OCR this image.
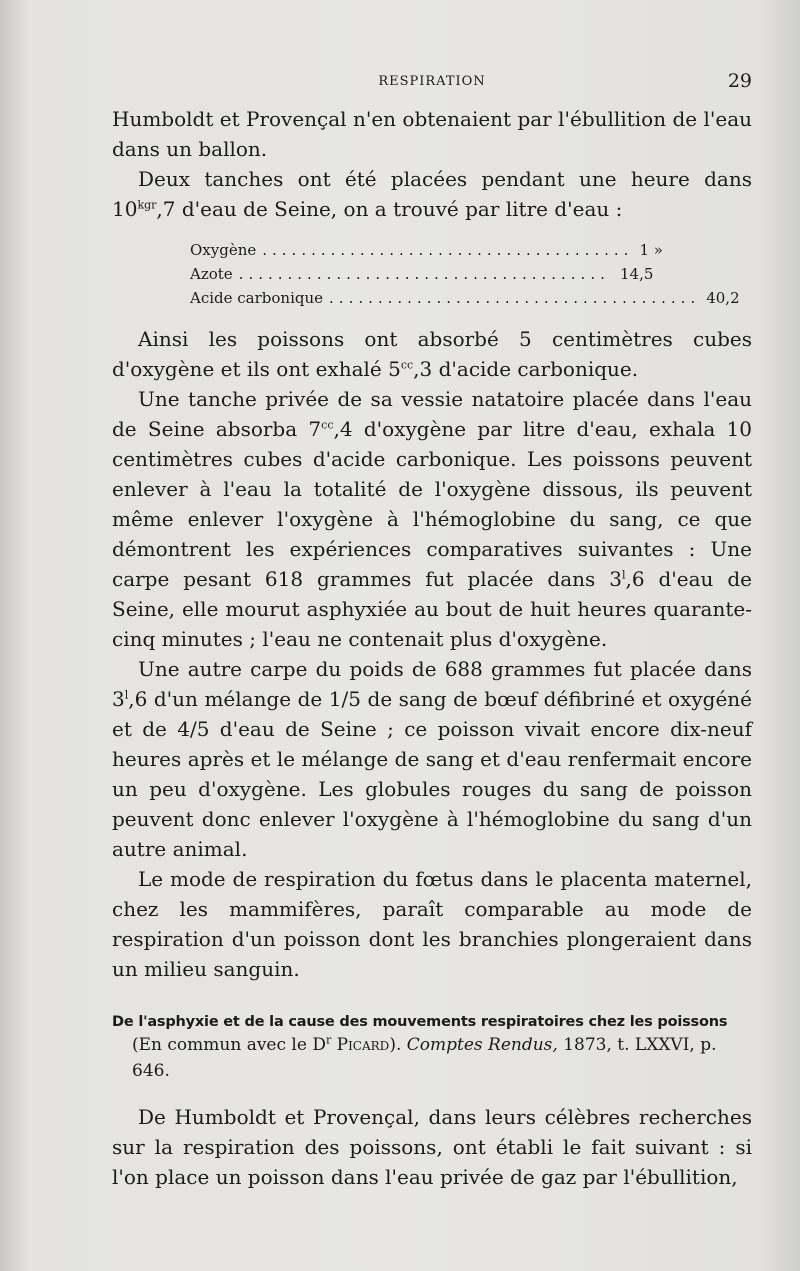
RESPIRATION	29

Humboldt et Provençal n'en obtenaient par l'ébullition de l'eau dans un ballon.

Deux tanches ont été placées pendant une heure dans $10^{kgr},7$ d'eau de Seine, on a trouvé par litre d'eau :

Oxygène ...................................... 1 »
Azote ...................................... 14,5
Acide carbonique ...................................... 40,2

Ainsi les poissons ont absorbé 5 centimètres cubes d'oxygène et ils ont exhalé $5^{cc},3$ d'acide carbonique.

Une tanche privée de sa vessie natatoire placée dans l'eau de Seine absorba $7^{cc},4$ d'oxygène par litre d'eau, exhala 10 centimètres cubes d'acide carbonique. Les poissons peuvent enlever à l'eau la totalité de l'oxygène dissous, ils peuvent même enlever l'oxygène à l'hémoglobine du sang, ce que démontrent les expériences comparatives suivantes : Une carpe pesant 618 grammes fut placée dans 3$^l$,6 d'eau de Seine, elle mourut asphyxiée au bout de huit heures quarante-cinq minutes ; l'eau ne contenait plus d'oxygène.

Une autre carpe du poids de 688 grammes fut placée dans 3$^l$,6 d'un mélange de 1/5 de sang de bœuf défibriné et oxygéné et de 4/5 d'eau de Seine ; ce poisson vivait encore dix-neuf heures après et le mélange de sang et d'eau renfermait encore un peu d'oxygène. Les globules rouges du sang de poisson peuvent donc enlever l'oxygène à l'hémoglobine du sang d'un autre animal.

Le mode de respiration du fœtus dans le placenta maternel, chez les mammifères, paraît comparable au mode de respiration d'un poisson dont les branchies plongeraient dans un milieu sanguin.

De l'asphyxie et de la cause des mouvements respiratoires chez les poissons
(En commun avec le $D^r$ Picard). Comptes Rendus, 1873, t. LXXVI, p. 646.

De Humboldt et Provençal, dans leurs célèbres recherches sur la respiration des poissons, ont établi le fait suivant : si l'on place un poisson dans l'eau privée de gaz par l'ébullition,
